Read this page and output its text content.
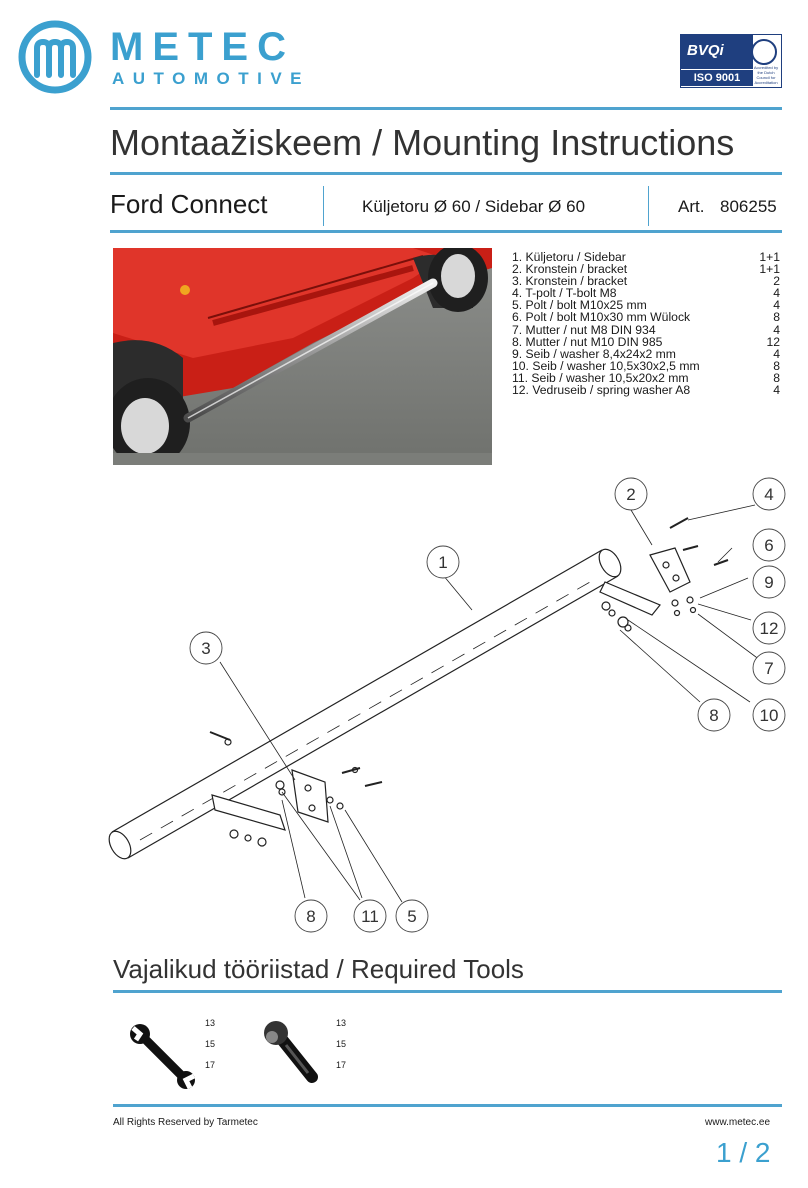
METEC
AUTOMOTIVE
BVQi
ISO 9001
Accredited by the Dutch Council for Accreditation
Montaažiskeem / Mounting Instructions
Ford Connect	Küljetoru Ø 60 / Sidebar Ø 60	Art. 806255
1. Küljetoru / Sidebar	1+1
2. Kronstein / bracket	1+1
3. Kronstein / bracket	2
4. T-polt / T-bolt M8	4
5. Polt / bolt M10x25 mm	4
6. Polt / bolt M10x30 mm Wülock	8
7. Mutter / nut M8 DIN 934	4
8. Mutter / nut M10 DIN 985	12
9. Seib / washer 8,4x24x2 mm	4
10. Seib / washer 10,5x30x2,5 mm	8
11. Seib / washer 10,5x20x2 mm	8
12. Vedruseib / spring washer A8	4
1
2
3
4
5
6
7
8
9
10
11
12
8
Vajalikud tööriistad / Required Tools
13
15
17
13
15
17
All Rights Reserved by Tarmetec	www.metec.ee
1 / 2
